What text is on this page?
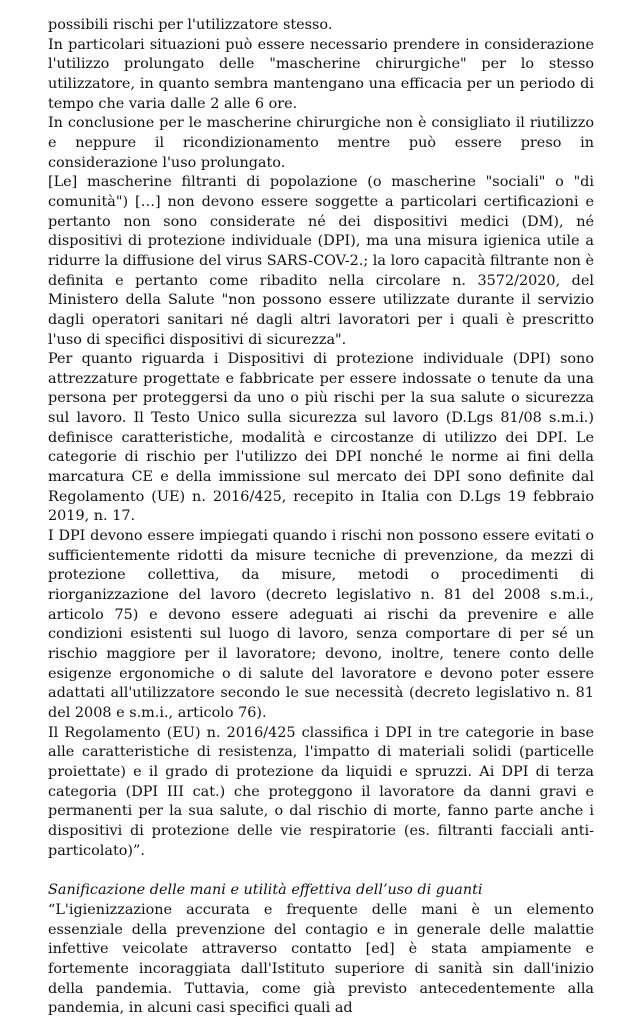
possibili rischi per l'utilizzatore stesso.

In particolari situazioni può essere necessario prendere in considerazione l'utilizzo prolungato delle "mascherine chirurgiche" per lo stesso utilizzatore, in quanto sembra mantengano una efficacia per un periodo di tempo che varia dalle 2 alle 6 ore.

In conclusione per le mascherine chirurgiche non è consigliato il riutilizzo e neppure il ricondizionamento mentre può essere preso in considerazione l'uso prolungato.

[Le] mascherine filtranti di popolazione (o mascherine "sociali" o "di comunità") […] non devono essere soggette a particolari certificazioni e pertanto non sono considerate né dei dispositivi medici (DM), né dispositivi di protezione individuale (DPI), ma una misura igienica utile a ridurre la diffusione del virus SARS-COV-2.; la loro capacità filtrante non è definita e pertanto come ribadito nella circolare n. 3572/2020, del Ministero della Salute "non possono essere utilizzate durante il servizio dagli operatori sanitari né dagli altri lavoratori per i quali è prescritto l'uso di specifici dispositivi di sicurezza".

Per quanto riguarda i Dispositivi di protezione individuale (DPI) sono attrezzature progettate e fabbricate per essere indossate o tenute da una persona per proteggersi da uno o più rischi per la sua salute o sicurezza sul lavoro. Il Testo Unico sulla sicurezza sul lavoro (D.Lgs 81/08 s.m.i.) definisce caratteristiche, modalità e circostanze di utilizzo dei DPI. Le categorie di rischio per l'utilizzo dei DPI nonché le norme ai fini della marcatura CE e della immissione sul mercato dei DPI sono definite dal Regolamento (UE) n. 2016/425, recepito in Italia con D.Lgs 19 febbraio 2019, n. 17.

I DPI devono essere impiegati quando i rischi non possono essere evitati o sufficientemente ridotti da misure tecniche di prevenzione, da mezzi di protezione collettiva, da misure, metodi o procedimenti di riorganizzazione del lavoro (decreto legislativo n. 81 del 2008 s.m.i., articolo 75) e devono essere adeguati ai rischi da prevenire e alle condizioni esistenti sul luogo di lavoro, senza comportare di per sé un rischio maggiore per il lavoratore; devono, inoltre, tenere conto delle esigenze ergonomiche o di salute del lavoratore e devono poter essere adattati all'utilizzatore secondo le sue necessità (decreto legislativo n. 81 del 2008 e s.m.i., articolo 76).

Il Regolamento (EU) n. 2016/425 classifica i DPI in tre categorie in base alle caratteristiche di resistenza, l'impatto di materiali solidi (particelle proiettate) e il grado di protezione da liquidi e spruzzi. Ai DPI di terza categoria (DPI III cat.) che proteggono il lavoratore da danni gravi e permanenti per la sua salute, o dal rischio di morte, fanno parte anche i dispositivi di protezione delle vie respiratorie (es. filtranti facciali anti-particolato)”.

Sanificazione delle mani e utilità effettiva dell’uso di guanti

“L'igienizzazione accurata e frequente delle mani è un elemento essenziale della prevenzione del contagio e in generale delle malattie infettive veicolate attraverso contatto [ed] è stata ampiamente e fortemente incoraggiata dall'Istituto superiore di sanità sin dall'inizio della pandemia. Tuttavia, come già previsto antecedentemente alla pandemia, in alcuni casi specifici quali ad
